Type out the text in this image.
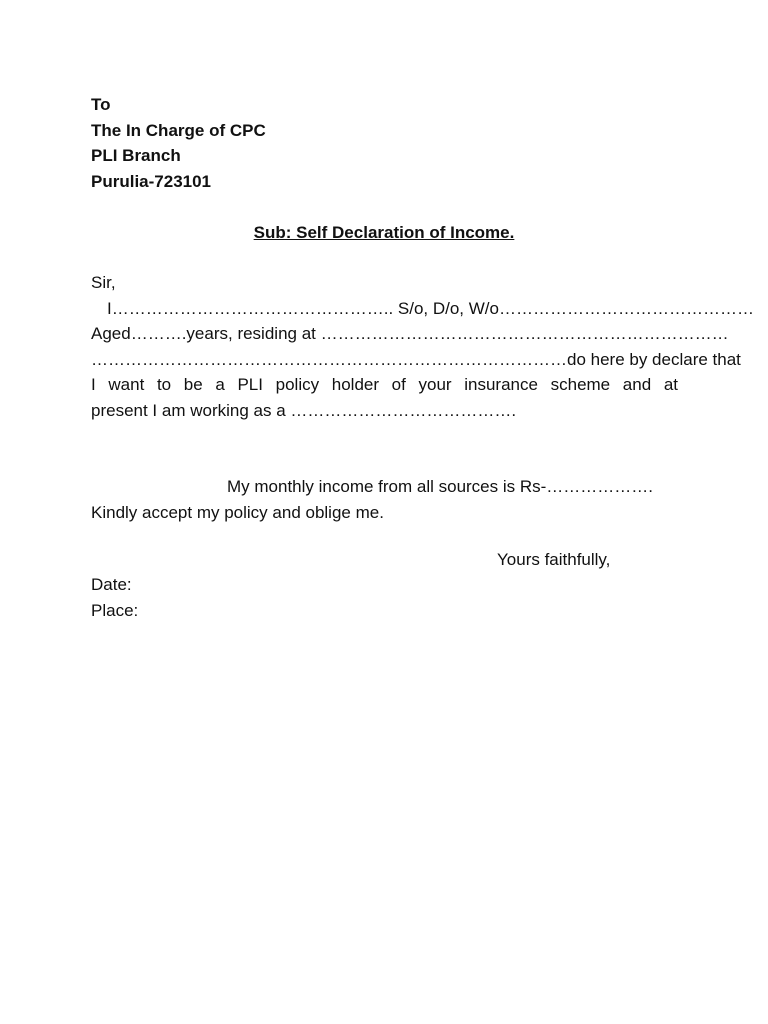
To
The In Charge of CPC
PLI Branch
Purulia-723101
Sub: Self Declaration of Income.
Sir,
I………………………………………….. S/o, D/o, W/o………………………………………
Aged……….years, residing at ………………………………………………………………
…………………………………………………………………………do here by declare that
I want to be a PLI policy holder of your insurance scheme and at
present I am working as a ………………………………….
My monthly income from all sources is Rs-……………….
Kindly accept my policy and oblige me.
Yours faithfully,
Date:
Place:
